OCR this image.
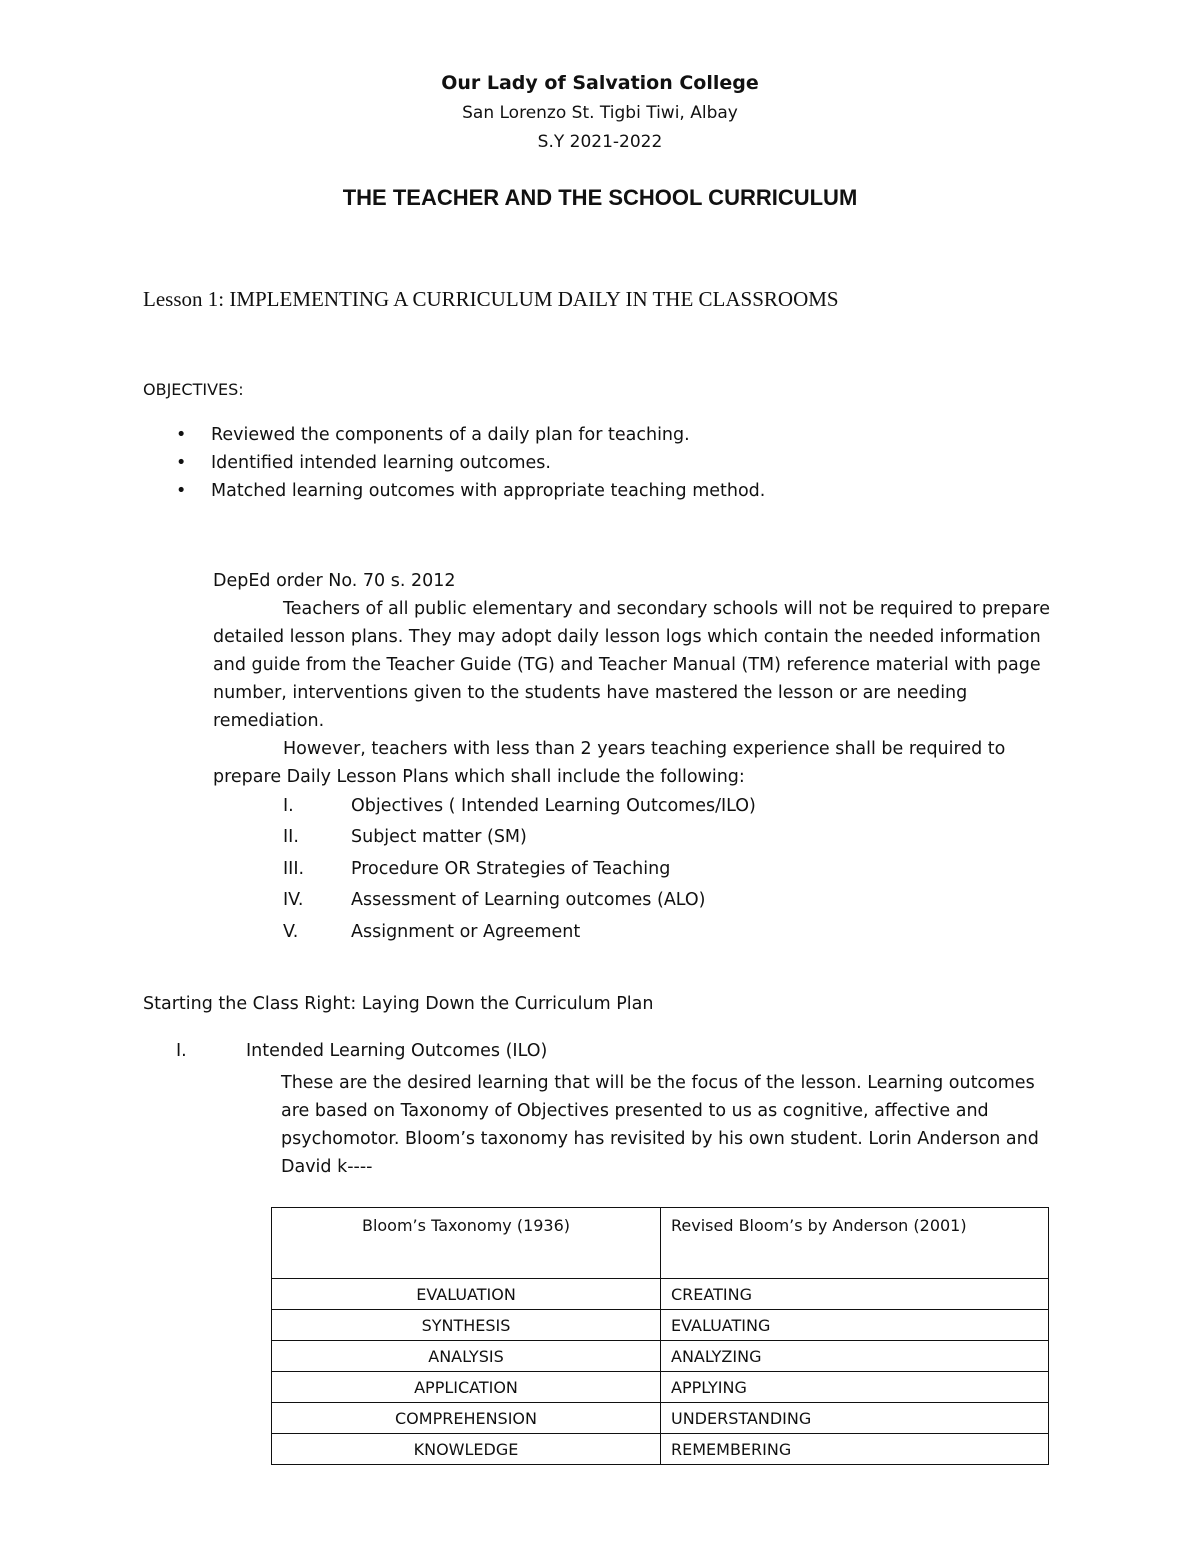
Our Lady of Salvation College
San Lorenzo St. Tigbi Tiwi, Albay
S.Y 2021-2022
THE TEACHER AND THE SCHOOL CURRICULUM
Lesson 1: IMPLEMENTING A CURRICULUM DAILY IN THE CLASSROOMS
OBJECTIVES:
• Reviewed the components of a daily plan for teaching.
• Identified intended learning outcomes.
• Matched learning outcomes with appropriate teaching method.

DepEd order No. 70 s. 2012

Teachers of all public elementary and secondary schools will not be required to prepare detailed lesson plans. They may adopt daily lesson logs which contain the needed information and guide from the Teacher Guide (TG) and Teacher Manual (TM) reference material with page number, interventions given to the students have mastered the lesson or are needing remediation.

However, teachers with less than 2 years teaching experience shall be required to prepare Daily Lesson Plans which shall include the following:

I.	Objectives ( Intended Learning Outcomes/ILO)
II.	Subject matter (SM)
III.	Procedure OR Strategies of Teaching
IV.	Assessment of Learning outcomes (ALO)
V.	Assignment or Agreement
Starting the Class Right: Laying Down the Curriculum Plan
I.	Intended Learning Outcomes (ILO)
These are the desired learning that will be the focus of the lesson. Learning outcomes are based on Taxonomy of Objectives presented to us as cognitive, affective and psychomotor. Bloom’s taxonomy has revisited by his own student. Lorin Anderson and David k----
Bloom’s Taxonomy (1936)	Revised Bloom’s by Anderson (2001)
EVALUATION	CREATING
SYNTHESIS	EVALUATING
ANALYSIS	ANALYZING
APPLICATION	APPLYING
COMPREHENSION	UNDERSTANDING
KNOWLEDGE	REMEMBERING
